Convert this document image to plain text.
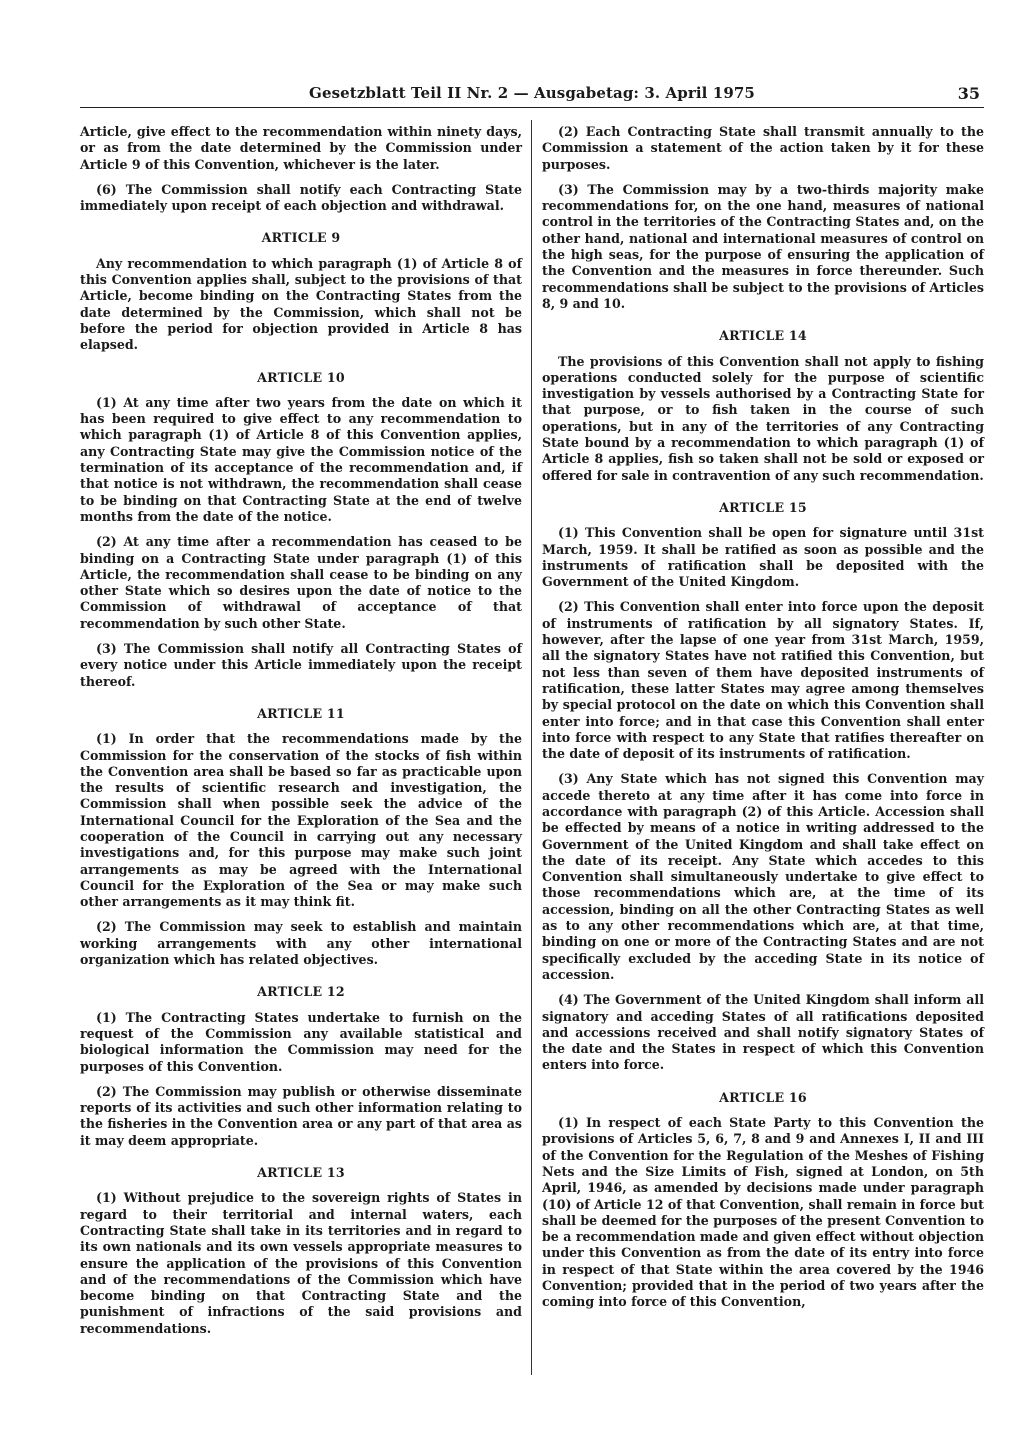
Gesetzblatt Teil II Nr. 2 — Ausgabetag: 3. April 1975	35

Article, give effect to the recommendation within ninety days, or as from the date determined by the Commission under Article 9 of this Convention, whichever is the later.

(6) The Commission shall notify each Contracting State immediately upon receipt of each objection and withdrawal.

ARTICLE 9

Any recommendation to which paragraph (1) of Article 8 of this Convention applies shall, subject to the provisions of that Article, become binding on the Contracting States from the date determined by the Commission, which shall not be before the period for objection provided in Article 8 has elapsed.

ARTICLE 10

(1) At any time after two years from the date on which it has been required to give effect to any recommendation to which paragraph (1) of Article 8 of this Convention applies, any Contracting State may give the Commission notice of the termination of its acceptance of the recommendation and, if that notice is not withdrawn, the recommendation shall cease to be binding on that Contracting State at the end of twelve months from the date of the notice.

(2) At any time after a recommendation has ceased to be binding on a Contracting State under paragraph (1) of this Article, the recommendation shall cease to be binding on any other State which so desires upon the date of notice to the Commission of withdrawal of acceptance of that recommendation by such other State.

(3) The Commission shall notify all Contracting States of every notice under this Article immediately upon the receipt thereof.

ARTICLE 11

(1) In order that the recommendations made by the Commission for the conservation of the stocks of fish within the Convention area shall be based so far as practicable upon the results of scientific research and investigation, the Commission shall when possible seek the advice of the International Council for the Exploration of the Sea and the cooperation of the Council in carrying out any necessary investigations and, for this purpose may make such joint arrangements as may be agreed with the International Council for the Exploration of the Sea or may make such other arrangements as it may think fit.

(2) The Commission may seek to establish and maintain working arrangements with any other international organization which has related objectives.

ARTICLE 12

(1) The Contracting States undertake to furnish on the request of the Commission any available statistical and biological information the Commission may need for the purposes of this Convention.

(2) The Commission may publish or otherwise disseminate reports of its activities and such other information relating to the fisheries in the Convention area or any part of that area as it may deem appropriate.

ARTICLE 13

(1) Without prejudice to the sovereign rights of States in regard to their territorial and internal waters, each Contracting State shall take in its territories and in regard to its own nationals and its own vessels appropriate measures to ensure the application of the provisions of this Convention and of the recommendations of the Commission which have become binding on that Contracting State and the punishment of infractions of the said provisions and recommendations.

(2) Each Contracting State shall transmit annually to the Commission a statement of the action taken by it for these purposes.

(3) The Commission may by a two-thirds majority make recommendations for, on the one hand, measures of national control in the territories of the Contracting States and, on the other hand, national and international measures of control on the high seas, for the purpose of ensuring the application of the Convention and the measures in force thereunder. Such recommendations shall be subject to the provisions of Articles 8, 9 and 10.

ARTICLE 14

The provisions of this Convention shall not apply to fishing operations conducted solely for the purpose of scientific investigation by vessels authorised by a Contracting State for that purpose, or to fish taken in the course of such operations, but in any of the territories of any Contracting State bound by a recommendation to which paragraph (1) of Article 8 applies, fish so taken shall not be sold or exposed or offered for sale in contravention of any such recommendation.

ARTICLE 15

(1) This Convention shall be open for signature until 31st March, 1959. It shall be ratified as soon as possible and the instruments of ratification shall be deposited with the Government of the United Kingdom.

(2) This Convention shall enter into force upon the deposit of instruments of ratification by all signatory States. If, however, after the lapse of one year from 31st March, 1959, all the signatory States have not ratified this Convention, but not less than seven of them have deposited instruments of ratification, these latter States may agree among themselves by special protocol on the date on which this Convention shall enter into force; and in that case this Convention shall enter into force with respect to any State that ratifies thereafter on the date of deposit of its instruments of ratification.

(3) Any State which has not signed this Convention may accede thereto at any time after it has come into force in accordance with paragraph (2) of this Article. Accession shall be effected by means of a notice in writing addressed to the Government of the United Kingdom and shall take effect on the date of its receipt. Any State which accedes to this Convention shall simultaneously undertake to give effect to those recommendations which are, at the time of its accession, binding on all the other Contracting States as well as to any other recommendations which are, at that time, binding on one or more of the Contracting States and are not specifically excluded by the acceding State in its notice of accession.

(4) The Government of the United Kingdom shall inform all signatory and acceding States of all ratifications deposited and accessions received and shall notify signatory States of the date and the States in respect of which this Convention enters into force.

ARTICLE 16

(1) In respect of each State Party to this Convention the provisions of Articles 5, 6, 7, 8 and 9 and Annexes I, II and III of the Convention for the Regulation of the Meshes of Fishing Nets and the Size Limits of Fish, signed at London, on 5th April, 1946, as amended by decisions made under paragraph (10) of Article 12 of that Convention, shall remain in force but shall be deemed for the purposes of the present Convention to be a recommendation made and given effect without objection under this Convention as from the date of its entry into force in respect of that State within the area covered by the 1946 Convention; provided that in the period of two years after the coming into force of this Convention,
